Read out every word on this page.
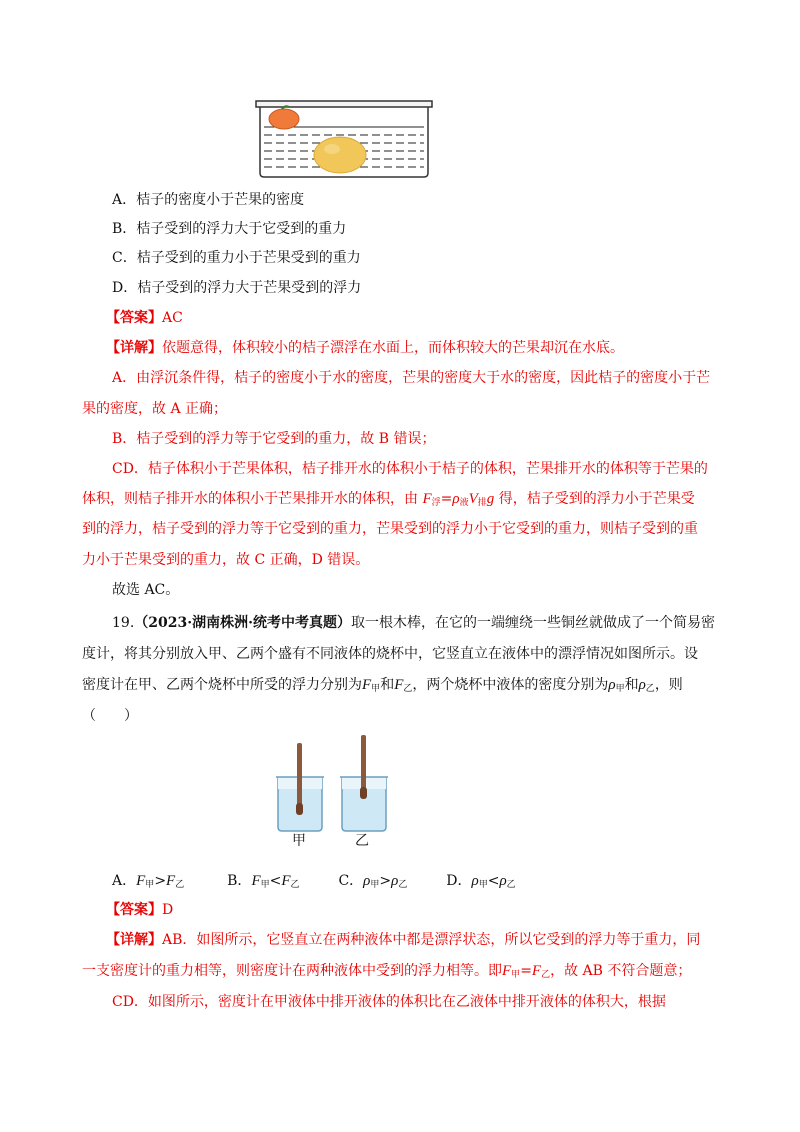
A．桔子的密度小于芒果的密度
B．桔子受到的浮力大于它受到的重力
C．桔子受到的重力小于芒果受到的重力
D．桔子受到的浮力大于芒果受到的浮力
【答案】AC
【详解】依题意得，体积较小的桔子漂浮在水面上，而体积较大的芒果却沉在水底。
A．由浮沉条件得，桔子的密度小于水的密度，芒果的密度大于水的密度，因此桔子的密度小于芒
果的密度，故 A 正确；
B．桔子受到的浮力等于它受到的重力，故 B 错误；
CD．桔子体积小于芒果体积，桔子排开水的体积小于桔子的体积，芒果排开水的体积等于芒果的
体积，则桔子排开水的体积小于芒果排开水的体积，由 $F_浮=\rho_液V_排g$ 得，桔子受到的浮力小于芒果受
到的浮力，桔子受到的浮力等于它受到的重力，芒果受到的浮力小于它受到的重力，则桔子受到的重
力小于芒果受到的重力，故 C 正确，D 错误。
故选 AC。
19.（2023·湖南株洲·统考中考真题）取一根木棒，在它的一端缠绕一些铜丝就做成了一个简易密
度计，将其分别放入甲、乙两个盛有不同液体的烧杯中，它竖直立在液体中的漂浮情况如图所示。设
密度计在甲、乙两个烧杯中所受的浮力分别为$F_甲$和$F_乙$，两个烧杯中液体的密度分别为$\rho_甲$和$\rho_乙$，则
（　　）
甲	乙
A．$F_甲>F_乙$	B．$F_甲<F_乙$	C．$\rho_甲>\rho_乙$	D．$\rho_甲<\rho_乙$
【答案】D
【详解】AB．如图所示，它竖直立在两种液体中都是漂浮状态，所以它受到的浮力等于重力，同
一支密度计的重力相等，则密度计在两种液体中受到的浮力相等。即$F_甲=F_乙$，故 AB 不符合题意；
CD．如图所示，密度计在甲液体中排开液体的体积比在乙液体中排开液体的体积大，根据
